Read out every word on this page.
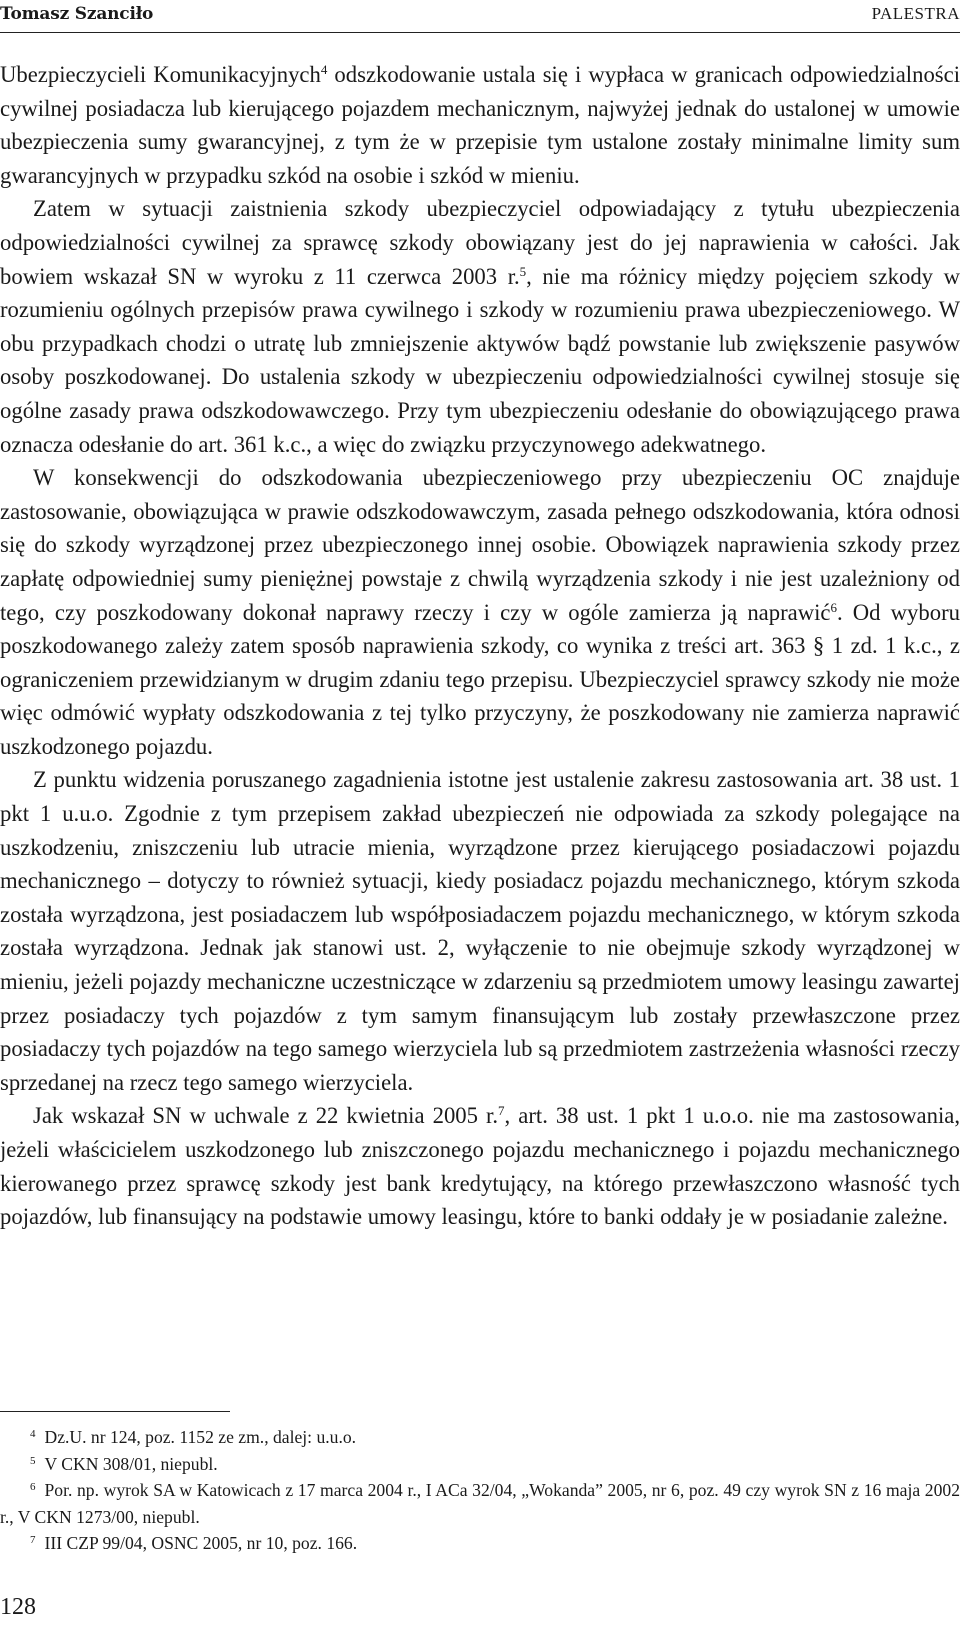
Tomasz Szanciło	PALESTRA

Ubezpieczycieli Komunikacyjnych$^4$ odszkodowanie ustala się i wypłaca w granicach odpowiedzialności cywilnej posiadacza lub kierującego pojazdem mechanicznym, najwyżej jednak do ustalonej w umowie ubezpieczenia sumy gwarancyjnej, z tym że w przepisie tym ustalone zostały minimalne limity sum gwarancyjnych w przypadku szkód na osobie i szkód w mieniu.

Zatem w sytuacji zaistnienia szkody ubezpieczyciel odpowiadający z tytułu ubezpieczenia odpowiedzialności cywilnej za sprawcę szkody obowiązany jest do jej naprawienia w całości. Jak bowiem wskazał SN w wyroku z 11 czerwca 2003 r.$^5$, nie ma różnicy między pojęciem szkody w rozumieniu ogólnych przepisów prawa cywilnego i szkody w rozumieniu prawa ubezpieczeniowego. W obu przypadkach chodzi o utratę lub zmniejszenie aktywów bądź powstanie lub zwiększenie pasywów osoby poszkodowanej. Do ustalenia szkody w ubezpieczeniu odpowiedzialności cywilnej stosuje się ogólne zasady prawa odszkodowawczego. Przy tym ubezpieczeniu odesłanie do obowiązującego prawa oznacza odesłanie do art. 361 k.c., a więc do związku przyczynowego adekwatnego.

W konsekwencji do odszkodowania ubezpieczeniowego przy ubezpieczeniu OC znajduje zastosowanie, obowiązująca w prawie odszkodowawczym, zasada pełnego odszkodowania, która odnosi się do szkody wyrządzonej przez ubezpieczonego innej osobie. Obowiązek naprawienia szkody przez zapłatę odpowiedniej sumy pieniężnej powstaje z chwilą wyrządzenia szkody i nie jest uzależniony od tego, czy poszkodowany dokonał naprawy rzeczy i czy w ogóle zamierza ją naprawić$^6$. Od wyboru poszkodowanego zależy zatem sposób naprawienia szkody, co wynika z treści art. 363 § 1 zd. 1 k.c., z ograniczeniem przewidzianym w drugim zdaniu tego przepisu. Ubezpieczyciel sprawcy szkody nie może więc odmówić wypłaty odszkodowania z tej tylko przyczyny, że poszkodowany nie zamierza naprawić uszkodzonego pojazdu.

Z punktu widzenia poruszanego zagadnienia istotne jest ustalenie zakresu zastosowania art. 38 ust. 1 pkt 1 u.u.o. Zgodnie z tym przepisem zakład ubezpieczeń nie odpowiada za szkody polegające na uszkodzeniu, zniszczeniu lub utracie mienia, wyrządzone przez kierującego posiadaczowi pojazdu mechanicznego – dotyczy to również sytuacji, kiedy posiadacz pojazdu mechanicznego, którym szkoda została wyrządzona, jest posiadaczem lub współposiadaczem pojazdu mechanicznego, w którym szkoda została wyrządzona. Jednak jak stanowi ust. 2, wyłączenie to nie obejmuje szkody wyrządzonej w mieniu, jeżeli pojazdy mechaniczne uczestniczące w zdarzeniu są przedmiotem umowy leasingu zawartej przez posiadaczy tych pojazdów z tym samym finansującym lub zostały przewłaszczone przez posiadaczy tych pojazdów na tego samego wierzyciela lub są przedmiotem zastrzeżenia własności rzeczy sprzedanej na rzecz tego samego wierzyciela.

Jak wskazał SN w uchwale z 22 kwietnia 2005 r.$^7$, art. 38 ust. 1 pkt 1 u.o.o. nie ma zastosowania, jeżeli właścicielem uszkodzonego lub zniszczonego pojazdu mechanicznego i pojazdu mechanicznego kierowanego przez sprawcę szkody jest bank kredytujący, na którego przewłaszczono własność tych pojazdów, lub finansujący na podstawie umowy leasingu, które to banki oddały je w posiadanie zależne.

$^4$ Dz.U. nr 124, poz. 1152 ze zm., dalej: u.u.o.

$^5$ V CKN 308/01, niepubl.

$^6$ Por. np. wyrok SA w Katowicach z 17 marca 2004 r., I ACa 32/04, „Wokanda” 2005, nr 6, poz. 49 czy wyrok SN z 16 maja 2002 r., V CKN 1273/00, niepubl.

$^7$ III CZP 99/04, OSNC 2005, nr 10, poz. 166.

128
